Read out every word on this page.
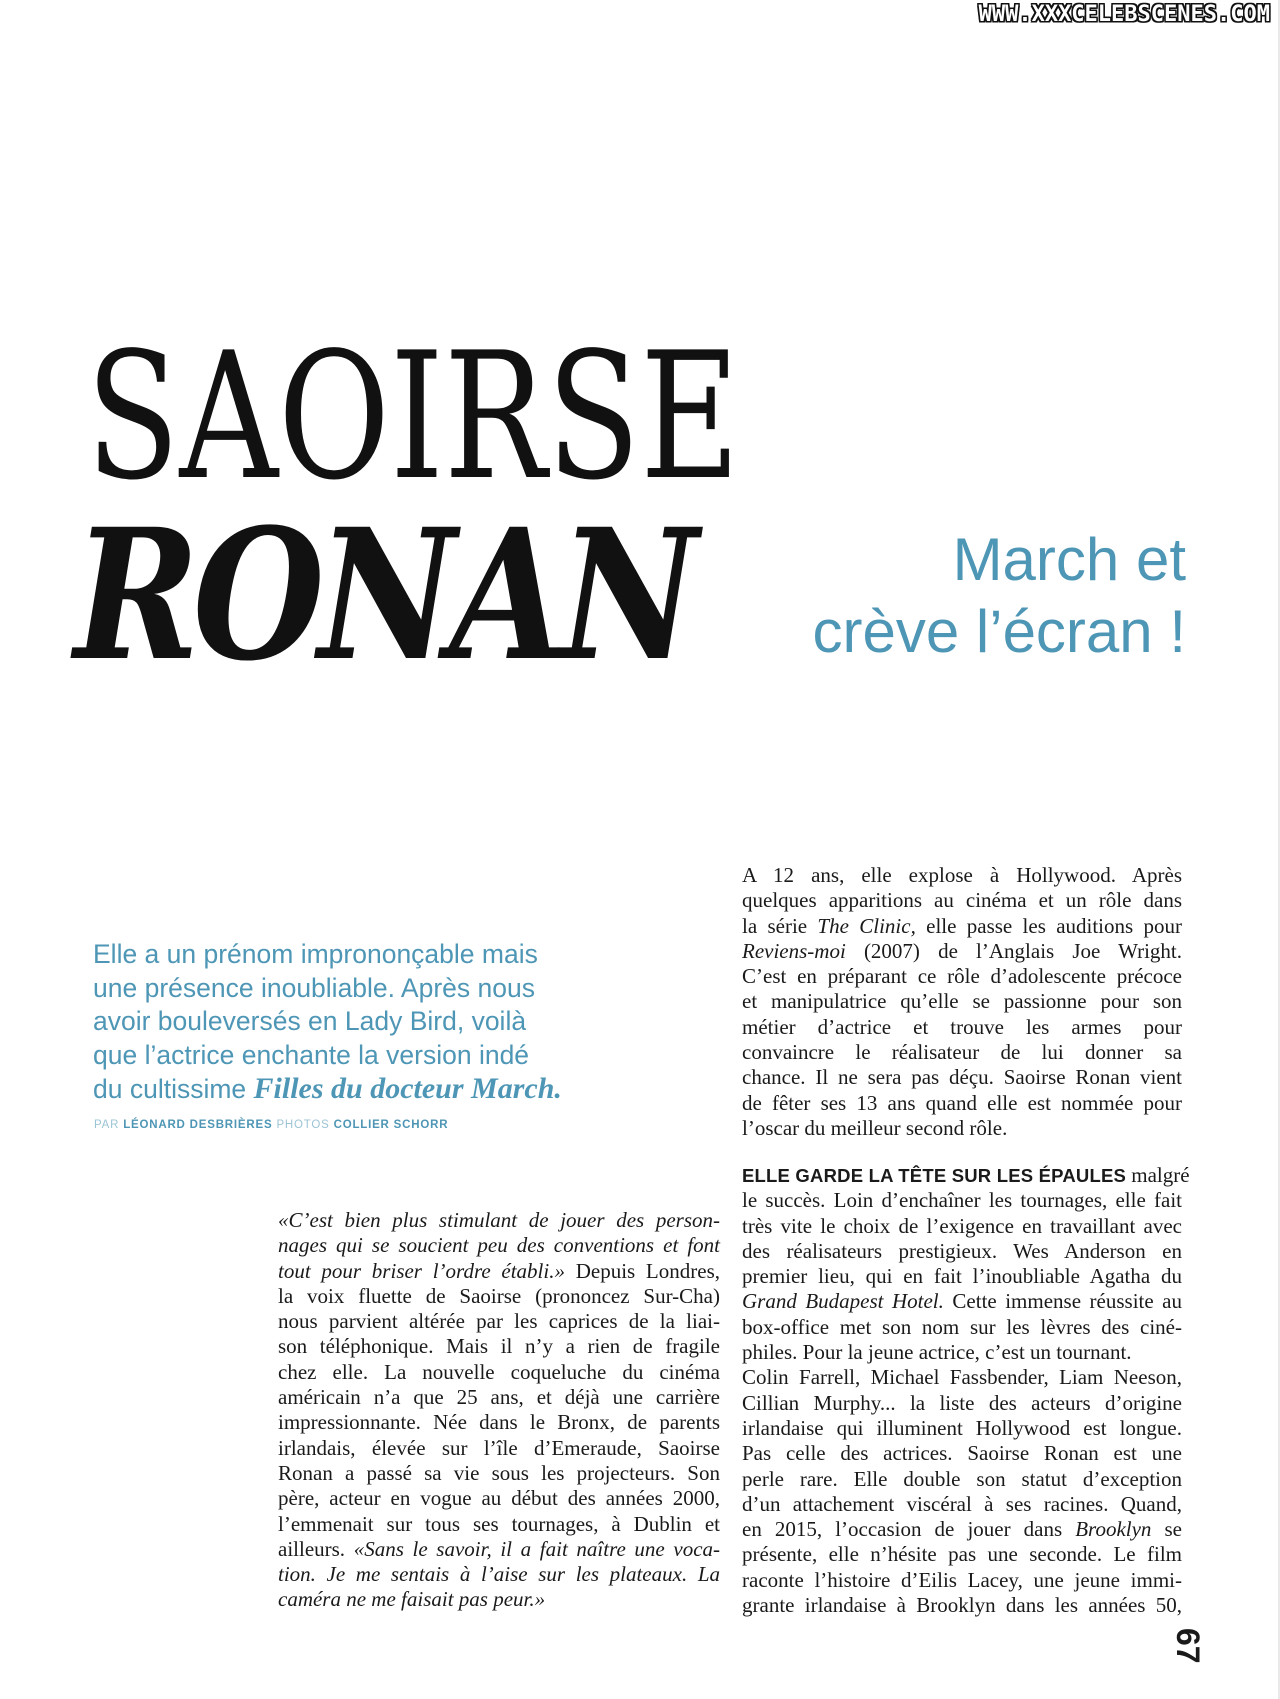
WWW.XXXCELEBSCENES.COM
SAOIRSE
RONAN	March et
crève l’écran !
Elle a un prénom imprononçable mais
une présence inoubliable. Après nous
avoir bouleversés en Lady Bird, voilà
que l’actrice enchante la version indé
du cultissime Filles du docteur March.
PAR LÉONARD DESBRIÈRES PHOTOS COLLIER SCHORR
«C’est bien plus stimulant de jouer des person-
nages qui se soucient peu des conventions et font
tout pour briser l’ordre établi.» Depuis Londres,
la voix fluette de Saoirse (prononcez Sur-Cha)
nous parvient altérée par les caprices de la liai-
son téléphonique. Mais il n’y a rien de fragile
chez elle. La nouvelle coqueluche du cinéma
américain n’a que 25 ans, et déjà une carrière
impressionnante. Née dans le Bronx, de parents
irlandais, élevée sur l’île d’Emeraude, Saoirse
Ronan a passé sa vie sous les projecteurs. Son
père, acteur en vogue au début des années 2000,
l’emmenait sur tous ses tournages, à Dublin et
ailleurs. «Sans le savoir, il a fait naître une voca-
tion. Je me sentais à l’aise sur les plateaux. La
caméra ne me faisait pas peur.»
A 12 ans, elle explose à Hollywood. Après
quelques apparitions au cinéma et un rôle dans
la série The Clinic, elle passe les auditions pour
Reviens-moi (2007) de l’Anglais Joe Wright.
C’est en préparant ce rôle d’adolescente précoce
et manipulatrice qu’elle se passionne pour son
métier d’actrice et trouve les armes pour
convaincre le réalisateur de lui donner sa
chance. Il ne sera pas déçu. Saoirse Ronan vient
de fêter ses 13 ans quand elle est nommée pour
l’oscar du meilleur second rôle.
ELLE GARDE LA TÊTE SUR LES ÉPAULES malgré
le succès. Loin d’enchaîner les tournages, elle fait
très vite le choix de l’exigence en travaillant avec
des réalisateurs prestigieux. Wes Anderson en
premier lieu, qui en fait l’inoubliable Agatha du
Grand Budapest Hotel. Cette immense réussite au
box-office met son nom sur les lèvres des ciné-
philes. Pour la jeune actrice, c’est un tournant.
Colin Farrell, Michael Fassbender, Liam Neeson,
Cillian Murphy... la liste des acteurs d’origine
irlandaise qui illuminent Hollywood est longue.
Pas celle des actrices. Saoirse Ronan est une
perle rare. Elle double son statut d’exception
d’un attachement viscéral à ses racines. Quand,
en 2015, l’occasion de jouer dans Brooklyn se
présente, elle n’hésite pas une seconde. Le film
raconte l’histoire d’Eilis Lacey, une jeune immi-
grante irlandaise à Brooklyn dans les années 50,
67
